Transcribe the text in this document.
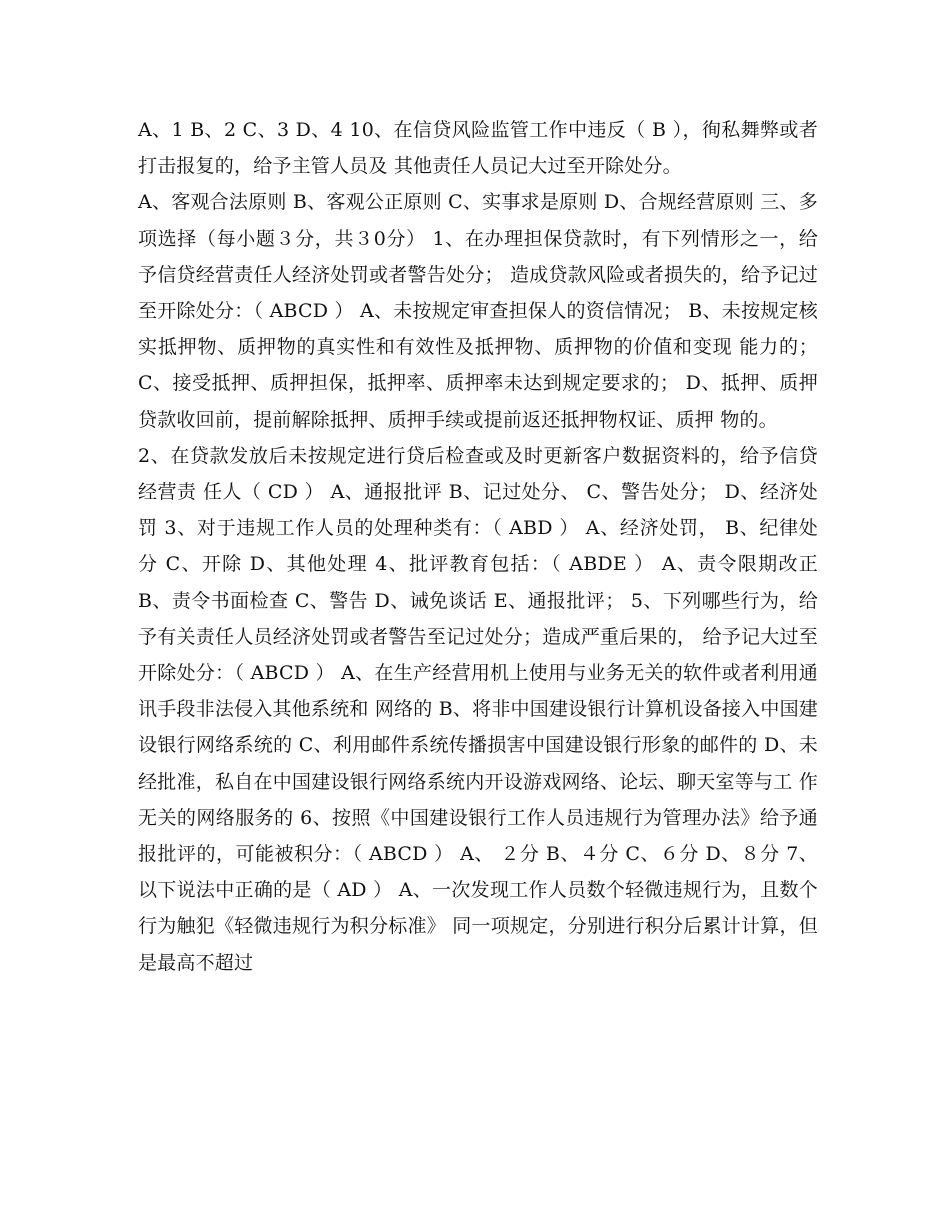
A、1 B、2 C、3 D、4 10、在信贷风险监管工作中违反（ B ），徇私舞弊或者打击报复的，给予主管人员及 其他责任人员记大过至开除处分。

A、客观合法原则 B、客观公正原则 C、实事求是原则 D、合规经营原则 三、多项选择（每小题３分，共３0分） 1、在办理担保贷款时，有下列情形之一，给予信贷经营责任人经济处罚或者警告处分； 造成贷款风险或者损失的，给予记过至开除处分：（ ABCD ） A、未按规定审查担保人的资信情况； B、未按规定核实抵押物、质押物的真实性和有效性及抵押物、质押物的价值和变现 能力的； C、接受抵押、质押担保，抵押率、质押率未达到规定要求的； D、抵押、质押贷款收回前，提前解除抵押、质押手续或提前返还抵押物权证、质押 物的。

2、在贷款发放后未按规定进行贷后检查或及时更新客户数据资料的，给予信贷经营责 任人（ CD ） A、通报批评 B、记过处分、 C、警告处分； D、经济处罚 3、对于违规工作人员的处理种类有：（ ABD ） A、经济处罚， B、纪律处分 C、开除 D、其他处理 4、批评教育包括：（ ABDE ） A、责令限期改正 B、责令书面检查 C、警告 D、诫免谈话 E、通报批评； 5、下列哪些行为，给予有关责任人员经济处罚或者警告至记过处分；造成严重后果的， 给予记大过至开除处分：（ ABCD ） A、在生产经营用机上使用与业务无关的软件或者利用通讯手段非法侵入其他系统和 网络的 B、将非中国建设银行计算机设备接入中国建设银行网络系统的 C、利用邮件系统传播损害中国建设银行形象的邮件的 D、未经批准，私自在中国建设银行网络系统内开设游戏网络、论坛、聊天室等与工 作无关的网络服务的 6、按照《中国建设银行工作人员违规行为管理办法》给予通报批评的，可能被积分：（ ABCD ） A、 ２分 B、４分 C、６分 D、８分 7、以下说法中正确的是（ AD ） A、一次发现工作人员数个轻微违规行为，且数个行为触犯《轻微违规行为积分标准》 同一项规定，分别进行积分后累计计算，但是最高不超过
